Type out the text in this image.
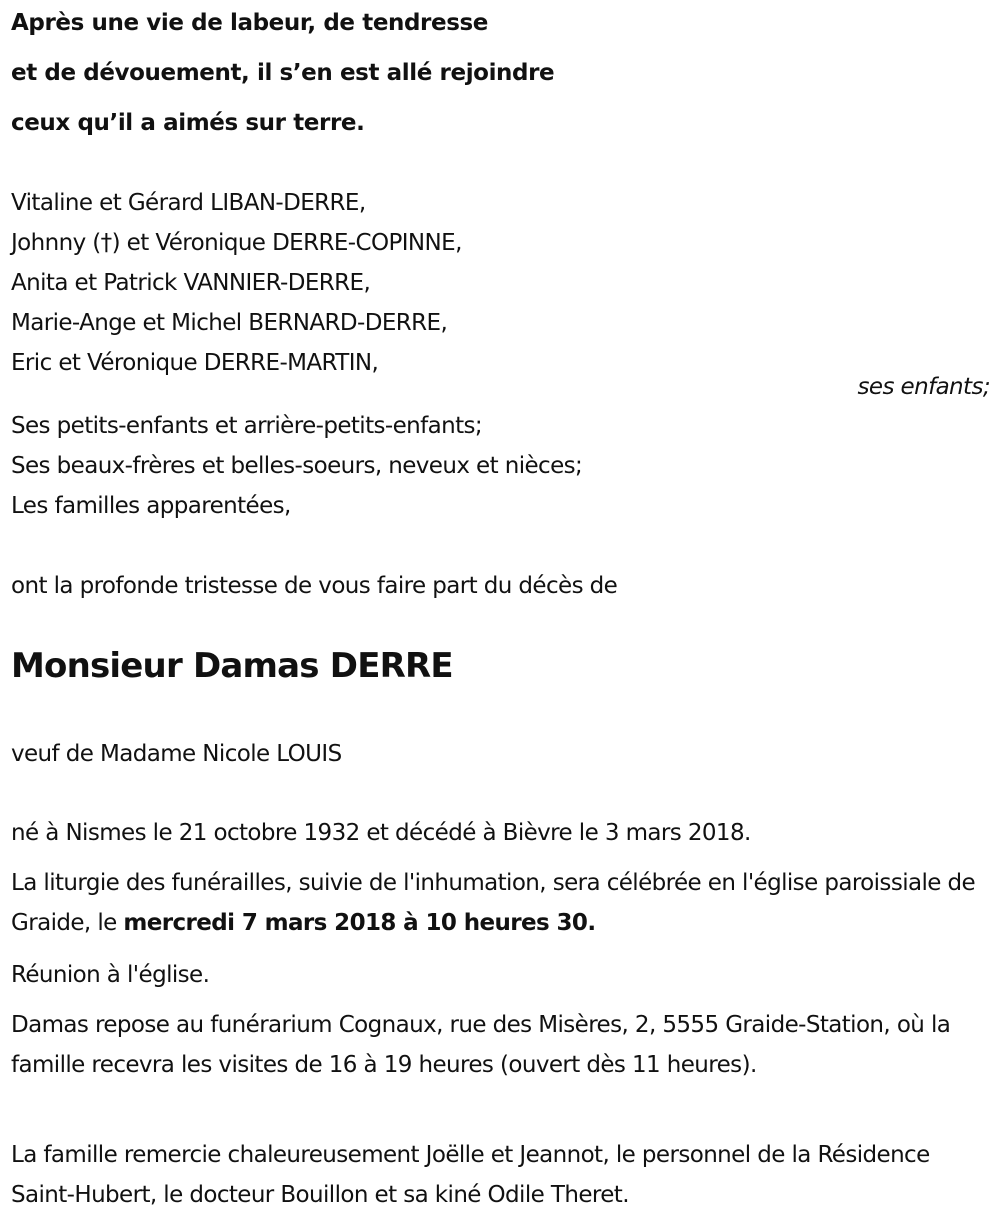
Après une vie de labeur, de tendresse
et de dévouement, il s’en est allé rejoindre
ceux qu’il a aimés sur terre.
Vitaline et Gérard LIBAN-DERRE,
Johnny (†) et Véronique DERRE-COPINNE,
Anita et Patrick VANNIER-DERRE,
Marie-Ange et Michel BERNARD-DERRE,
Eric et Véronique DERRE-MARTIN,
ses enfants;
Ses petits-enfants et arrière-petits-enfants;
Ses beaux-frères et belles-soeurs, neveux et nièces;
Les familles apparentées,
ont la profonde tristesse de vous faire part du décès de
Monsieur Damas DERRE
veuf de Madame Nicole LOUIS
né à Nismes le 21 octobre 1932 et décédé à Bièvre le 3 mars 2018.
La liturgie des funérailles, suivie de l'inhumation, sera célébrée en l'église paroissiale de Graide, le mercredi 7 mars 2018 à 10 heures 30.
Réunion à l'église.
Damas repose au funérarium Cognaux, rue des Misères, 2, 5555 Graide-Station, où la famille recevra les visites de 16 à 19 heures (ouvert dès 11 heures).
La famille remercie chaleureusement Joëlle et Jeannot, le personnel de la Résidence Saint-Hubert, le docteur Bouillon et sa kiné Odile Theret.
